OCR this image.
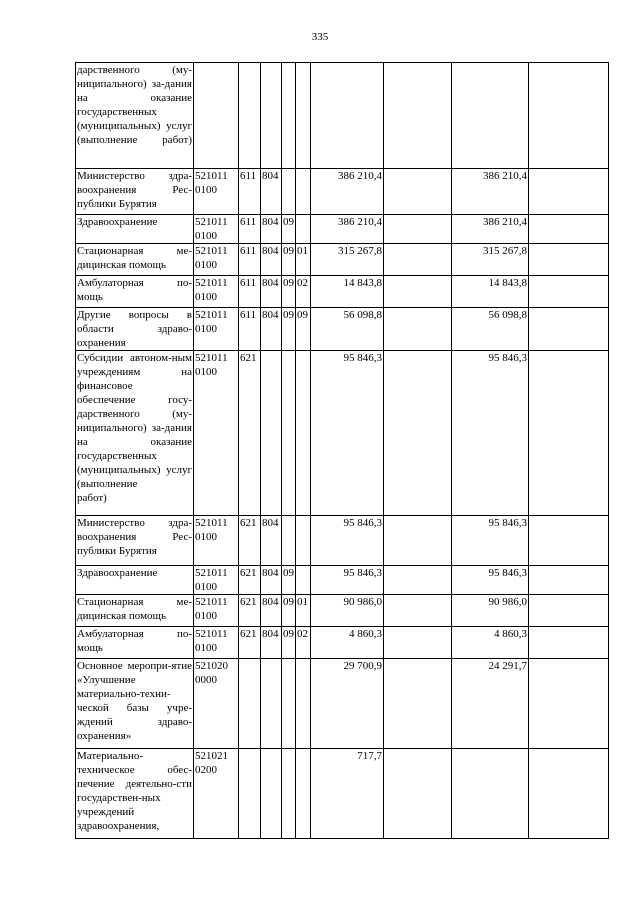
335
дарственного (му-ниципального) за-дания на оказание государственных (муниципальных) услуг (выполнение работ)

Министерство здра-воохранения Рес-
публики Бурятия	521011 0100	611	804			386 210,4		386 210,4	

Здравоохранение	521011 0100	611	804	09		386 210,4		386 210,4	
Стационарная ме-
дицинская помощь	521011 0100	611	804	09	01	315 267,8		315 267,8	
Амбулаторная по-
мощь	521011 0100	611	804	09	02	14 843,8		14 843,8	
Другие вопросы в области здраво-
охранения	521011 0100	611	804	09	09	56 098,8		56 098,8	
Субсидии автоном-ным учреждениям на финансовое обеспечение госу-дарственного (му-ниципального) за-дания на оказание государственных (муниципальных) услуг (выполнение
работ)	521011 0100	621				95 846,3		95 846,3	
Министерство здра-воохранения Рес-
публики Бурятия	521011 0100	621	804			95 846,3		95 846,3	

Здравоохранение	521011 0100	621	804	09		95 846,3		95 846,3	
Стационарная ме-
дицинская помощь	521011 0100	621	804	09	01	90 986,0		90 986,0	
Амбулаторная по-
мощь	521011 0100	621	804	09	02	4 860,3		4 860,3	
Основное меропри-ятие «Улучшение материально-техни-ческой базы учре-ждений здраво-
охранения»	521020 0000					29 700,9		24 291,7	
Материально-техническое обес-печение деятельно-сти государствен-ных учреждений
здравоохранения,	521021 0200					717,7			
